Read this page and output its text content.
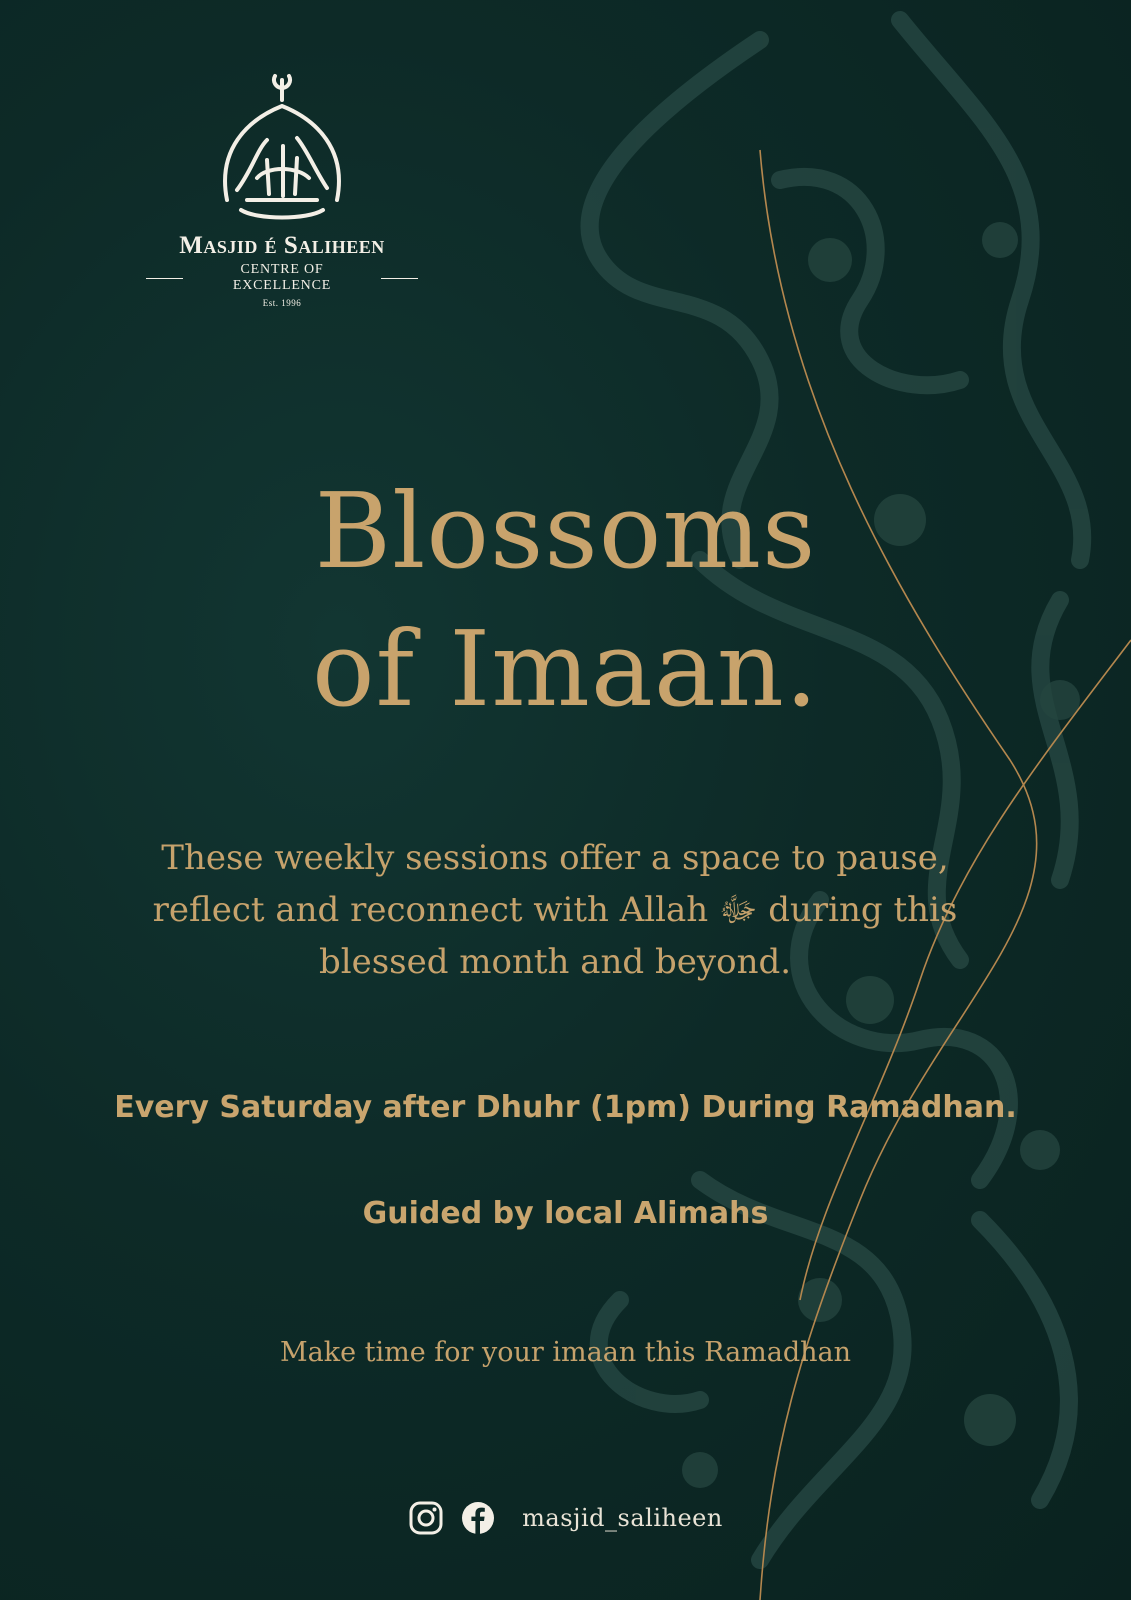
Masjid é Saliheen
CENTRE OF EXCELLENCE
Est. 1996
Blossoms
of Imaan.
These weekly sessions offer a space to pause,
reflect and reconnect with Allah ﷻ during this
blessed month and beyond.
Every Saturday after Dhuhr (1pm) During Ramadhan.
Guided by local Alimahs
Make time for your imaan this Ramadhan
masjid_saliheen
